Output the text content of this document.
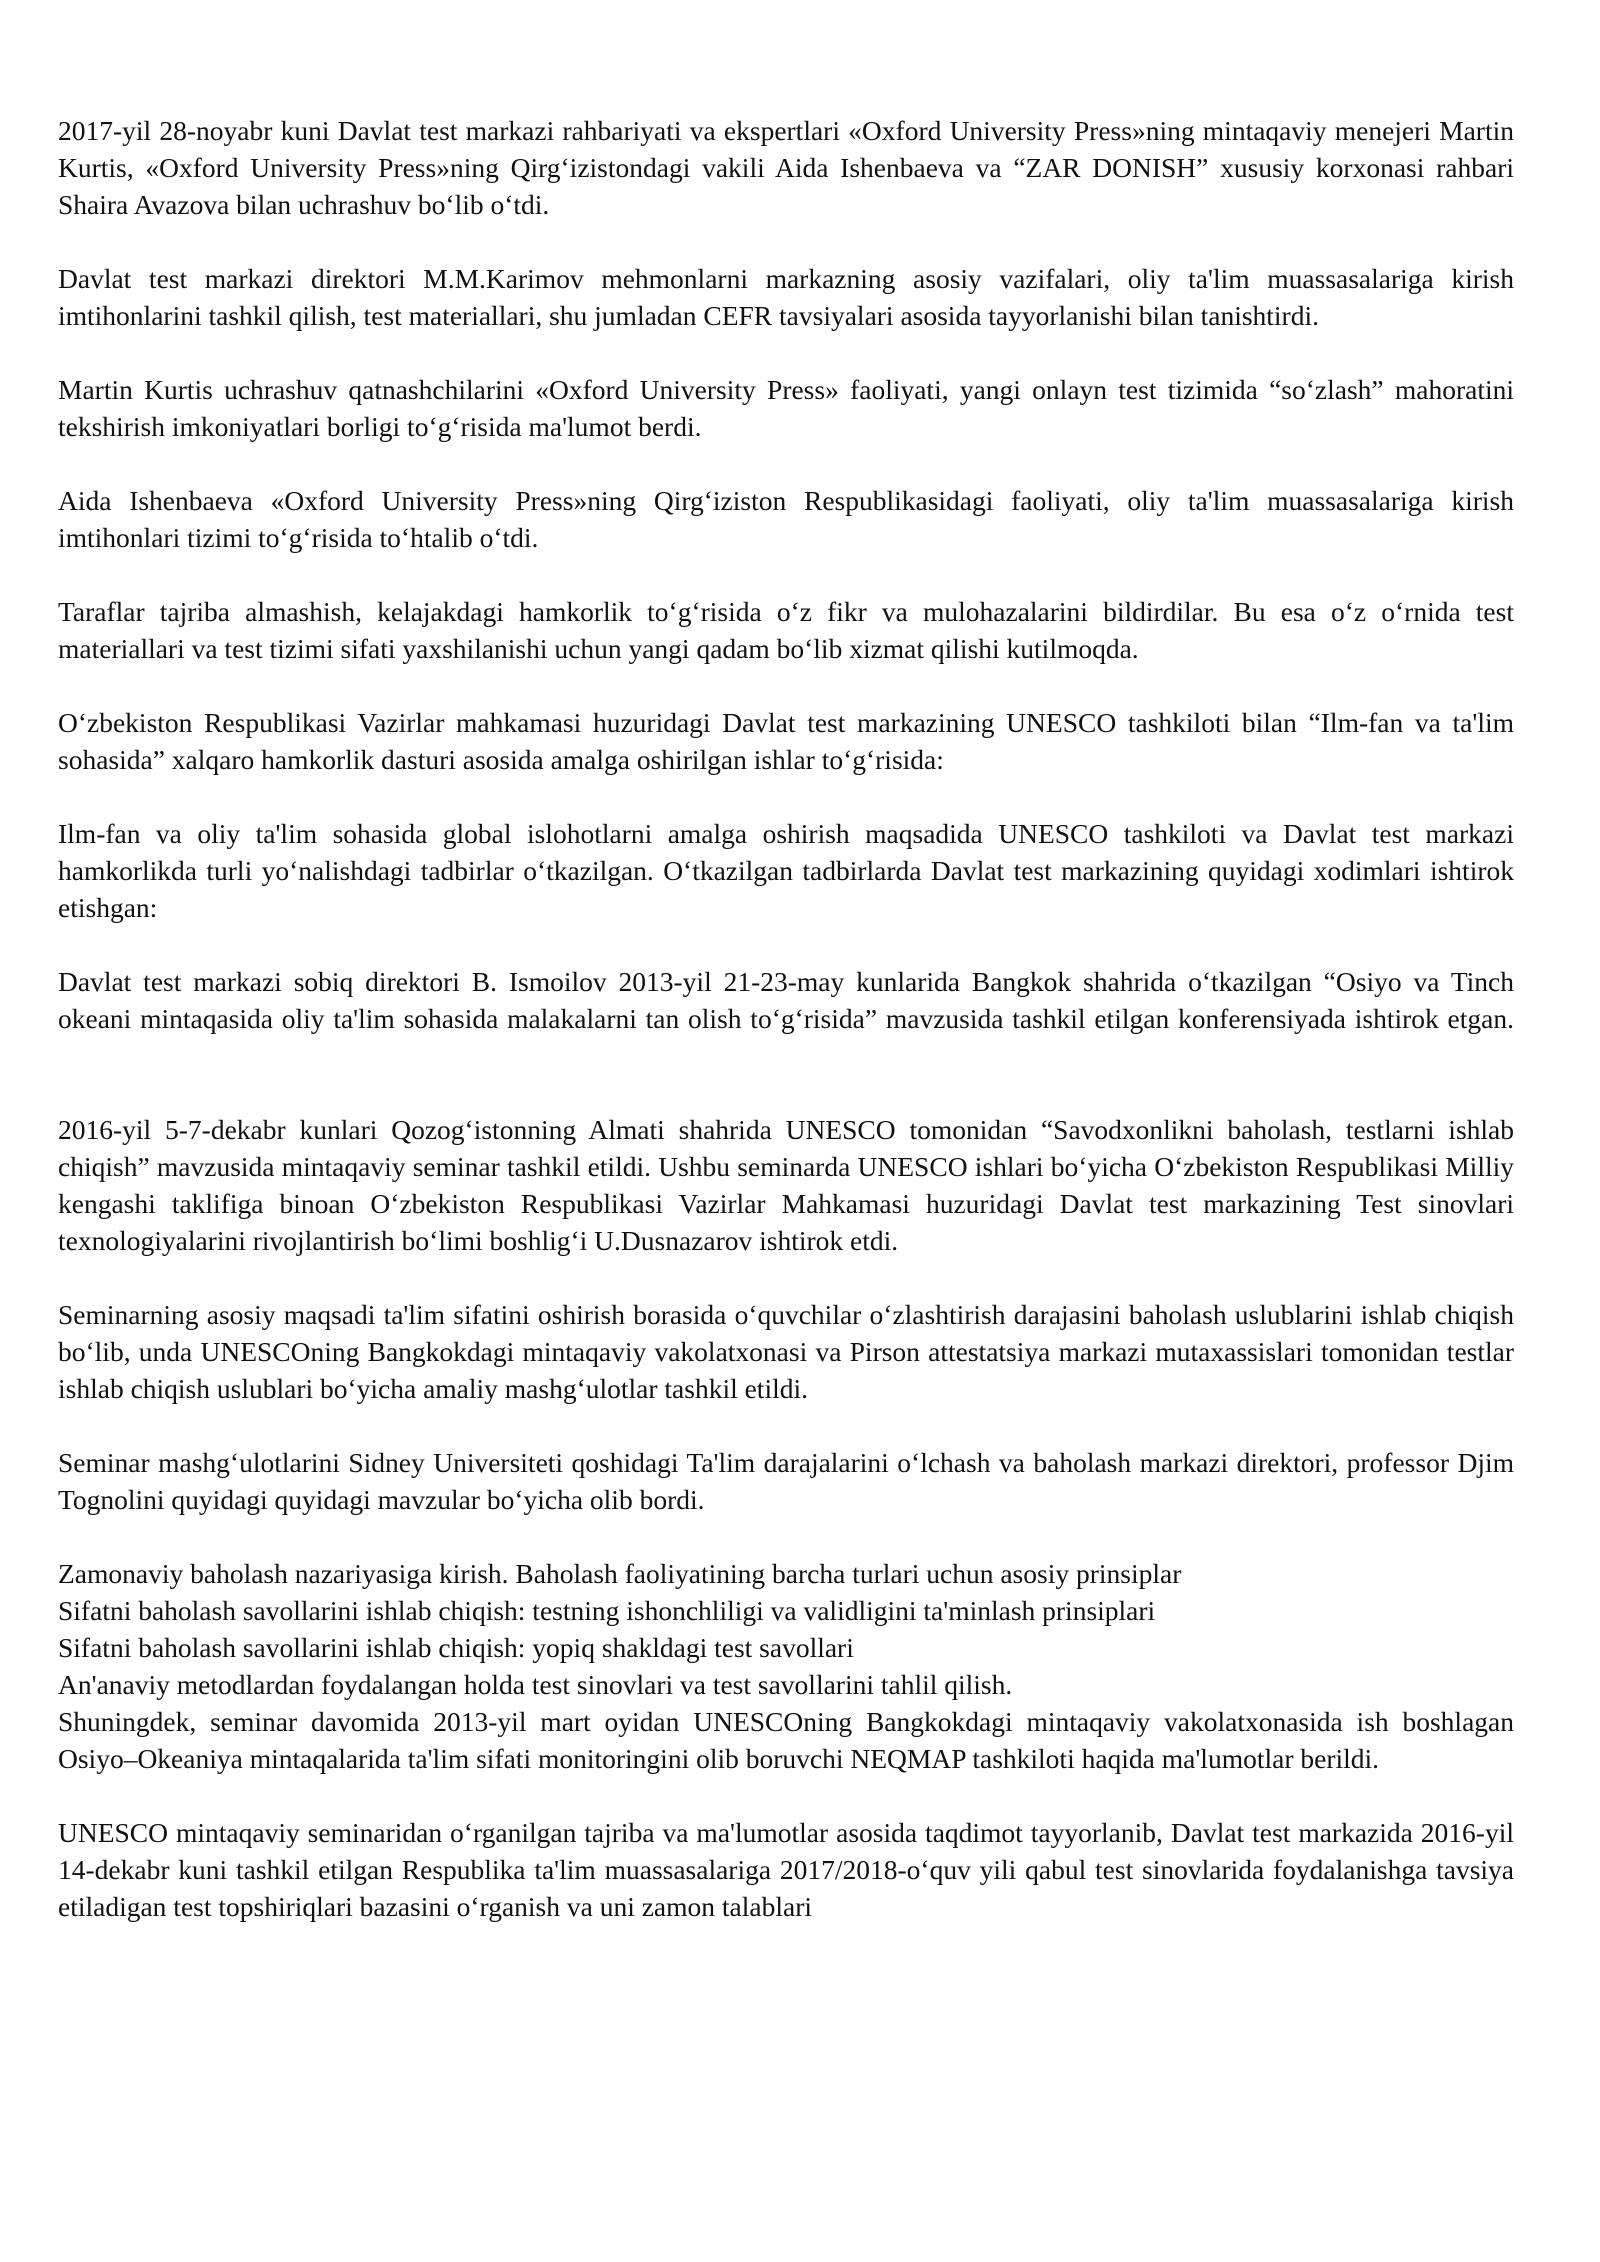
2017-yil 28-noyabr kuni Davlat test markazi rahbariyati va ekspertlari «Oxford University Press»ning mintaqaviy menejeri Martin Kurtis, «Oxford University Press»ning Qirg‘izistondagi vakili Aida Ishenbaeva va “ZAR DONISH” xususiy korxonasi rahbari Shaira Avazova bilan uchrashuv bo‘lib o‘tdi.

Davlat test markazi direktori M.M.Karimov mehmonlarni markazning asosiy vazifalari, oliy ta'lim muassasalariga kirish imtihonlarini tashkil qilish, test materiallari, shu jumladan CEFR tavsiyalari asosida tayyorlanishi bilan tanishtirdi.

Martin Kurtis uchrashuv qatnashchilarini «Oxford University Press» faoliyati, yangi onlayn test tizimida “so‘zlash” mahoratini tekshirish imkoniyatlari borligi to‘g‘risida ma'lumot berdi.

Aida Ishenbaeva «Oxford University Press»ning Qirg‘iziston Respublikasidagi faoliyati, oliy ta'lim muassasalariga kirish imtihonlari tizimi to‘g‘risida to‘htalib o‘tdi.

Taraflar tajriba almashish, kelajakdagi hamkorlik to‘g‘risida o‘z fikr va mulohazalarini bildirdilar. Bu esa o‘z o‘rnida test materiallari va test tizimi sifati yaxshilanishi uchun yangi qadam bo‘lib xizmat qilishi kutilmoqda.

O‘zbekiston Respublikasi Vazirlar mahkamasi huzuridagi Davlat test markazining UNESCO tashkiloti bilan “Ilm-fan va ta'lim sohasida” xalqaro hamkorlik dasturi asosida amalga oshirilgan ishlar to‘g‘risida:

Ilm-fan va oliy ta'lim sohasida global islohotlarni amalga oshirish maqsadida UNESCO tashkiloti va Davlat test markazi hamkorlikda turli yo‘nalishdagi tadbirlar o‘tkazilgan. O‘tkazilgan tadbirlarda Davlat test markazining quyidagi xodimlari ishtirok etishgan:

Davlat test markazi sobiq direktori B. Ismoilov 2013-yil 21-23-may kunlarida Bangkok shahrida o‘tkazilgan “Osiyo va Tinch okeani mintaqasida oliy ta'lim sohasida malakalarni tan olish to‘g‘risida” mavzusida tashkil etilgan konferensiyada ishtirok etgan.

2016-yil 5-7-dekabr kunlari Qozog‘istonning Almati shahrida UNESCO tomonidan “Savodxonlikni baholash, testlarni ishlab chiqish” mavzusida mintaqaviy seminar tashkil etildi. Ushbu seminarda UNESCO ishlari bo‘yicha O‘zbekiston Respublikasi Milliy kengashi taklifiga binoan O‘zbekiston Respublikasi Vazirlar Mahkamasi huzuridagi Davlat test markazining Test sinovlari texnologiyalarini rivojlantirish bo‘limi boshlig‘i U.Dusnazarov ishtirok etdi.

Seminarning asosiy maqsadi ta'lim sifatini oshirish borasida o‘quvchilar o‘zlashtirish darajasini baholash uslublarini ishlab chiqish bo‘lib, unda UNESCOning Bangkokdagi mintaqaviy vakolatxonasi va Pirson attestatsiya markazi mutaxassislari tomonidan testlar ishlab chiqish uslublari bo‘yicha amaliy mashg‘ulotlar tashkil etildi.

Seminar mashg‘ulotlarini Sidney Universiteti qoshidagi Ta'lim darajalarini o‘lchash va baholash markazi direktori, professor Djim Tognolini quyidagi quyidagi mavzular bo‘yicha olib bordi.

Zamonaviy baholash nazariyasiga kirish. Baholash faoliyatining barcha turlari uchun asosiy prinsiplar
Sifatni baholash savollarini ishlab chiqish: testning ishonchliligi va validligini ta'minlash prinsiplari
Sifatni baholash savollarini ishlab chiqish: yopiq shakldagi test savollari
An'anaviy metodlardan foydalangan holda test sinovlari va test savollarini tahlil qilish.

Shuningdek, seminar davomida 2013-yil mart oyidan UNESCOning Bangkokdagi mintaqaviy vakolatxonasida ish boshlagan Osiyo–Okeaniya mintaqalarida ta'lim sifati monitoringini olib boruvchi NEQMAP tashkiloti haqida ma'lumotlar berildi.

UNESCO mintaqaviy seminaridan o‘rganilgan tajriba va ma'lumotlar asosida taqdimot tayyorlanib, Davlat test markazida 2016-yil 14-dekabr kuni tashkil etilgan Respublika ta'lim muassasalariga 2017/2018-o‘quv yili qabul test sinovlarida foydalanishga tavsiya etiladigan test topshiriqlari bazasini o‘rganish va uni zamon talablari
